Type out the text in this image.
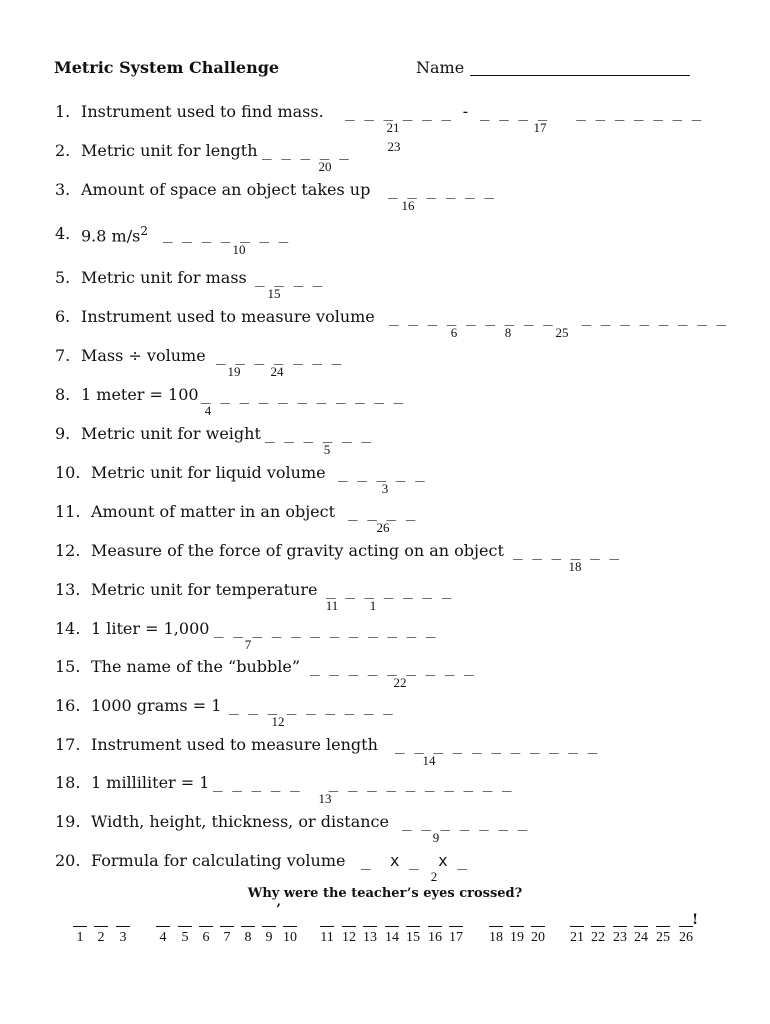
Metric System Challenge	Name
1. Instrument used to find mass. _ _ _ _ _ _ - _ _ _ _   _ _ _ _ _ _ _
21	17
2. Metric unit for length _ _ _ _ _
20
23
3. Amount of space an object takes up _ _ _ _ _ _
16
4. 9.8 $m/s^2$ _ _ _ _ _ _ _
10
5. Metric unit for mass _ _ _ _
15
6. Instrument used to measure volume _ _ _ _ _ _ _ _ _   _ _ _ _ _ _ _ _
6	8	25
7. Mass ÷ volume _ _ _ _ _ _ _
19 24
8. 1 meter = 100 _ _ _ _ _ _ _ _ _ _ _
4
9. Metric unit for weight _ _ _ _ _ _
5
10. Metric unit for liquid volume _ _ _ _ _
3
11. Amount of matter in an object _ _ _ _
26
12. Measure of the force of gravity acting on an object _ _ _ _ _ _
18
13. Metric unit for temperature _ _ _ _ _ _ _
11 1
14. 1 liter = 1,000 _ _ _ _ _ _ _ _ _ _ _ _
7
15. The name of the “bubble” _ _ _ _ _ _ _ _ _
22
16. 1000 grams = 1 _ _ _ _ _ _ _ _ _
12
17. Instrument used to measure length _ _ _ _ _ _ _ _ _ _ _
14
18. 1 milliliter = 1 _ _ _ _ _   _ _ _ _ _ _ _ _ _ _
13
19. Width, height, thickness, or distance _ _ _ _ _ _ _
9
20. Formula for calculating volume _  x _  x _
2
Why were the teacher’s eyes crossed?
’
!
1 2 3 4 5 6 7 8 9 10 11 12 13 14 15 16 17 18 19 20 21 22 23 24 25 26
